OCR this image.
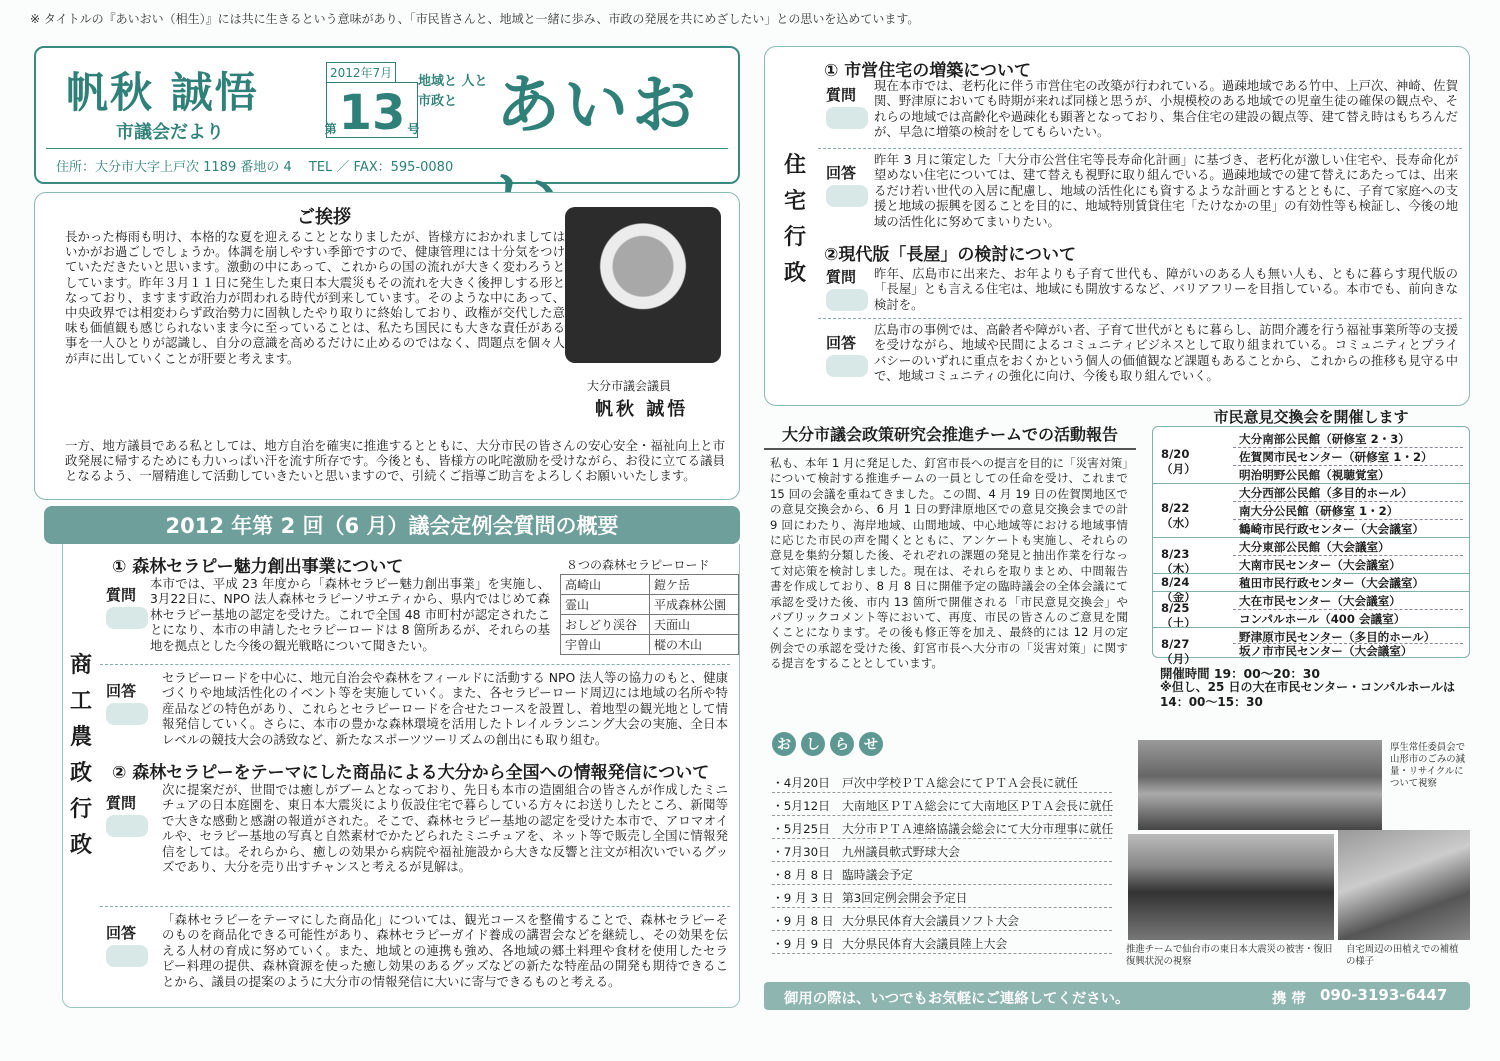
※ タイトルの『あいおい（相生）』には共に生きるという意味があり、「市民皆さんと、地域と一緒に歩み、市政の発展を共にめざしたい」との思いを込めています。
帆秋 誠悟
市議会だより
2012年7月
第 13 号
地域と 人と 市政と あいお
住所：大分市大字上戸次 1189 番地の 4　 TEL ／ FAX：595-0080
ご挨拶
長かった梅雨も明け、本格的な夏を迎えることとなりましたが、皆様方におかれましてはいかがお過ごしでしょうか。体調を崩しやすい季節ですので、健康管理には十分気をつけていただきたいと思います。激動の中にあって、これからの国の流れが大きく変わろうとしています。昨年３月１１日に発生した東日本大震災もその流れを大きく後押しする形となっており、ますます政治力が問われる時代が到来しています。そのような中にあって、中央政界では相変わらず政治勢力に固執したやり取りに終始しており、政権が交代した意味も価値観も感じられないまま今に至っていることは、私たち国民にも大きな責任がある事を一人ひとりが認識し、自分の意識を高めるだけに止めるのではなく、問題点を個々人が声に出していくことが肝要と考えます。
一方、地方議員である私としては、地方自治を確実に推進するとともに、大分市民の皆さんの安心安全・福祉向上と市政発展に帰するためにも力いっぱい汗を流す所存です。今後とも、皆様方の叱咤激励を受けながら、お役に立てる議員となるよう、一層精進して活動していきたいと思いますので、引続くご指導ご助言をよろしくお願いいたします。
大分市議会議員
帆秋 誠悟
2012 年第 2 回（6 月）議会定例会質問の概要
商工農政行政
① 森林セラピー魅力創出事業について
質問
本市では、平成 23 年度から「森林セラピー魅力創出事業」を実施し、3月22日に、NPO 法人森林セラピーソサエティから、県内ではじめて森林セラピー基地の認定を受けた。これで全国 48 市町村が認定されたことになり、本市の申請したセラピーロードは 8 箇所あるが、それらの基地を拠点とした今後の観光戦略について聞きたい。
８つの森林セラピーロード
高崎山	鎧ケ岳
霊山	平成森林公園
おしどり渓谷	天面山
宇曽山	樅の木山
回答
セラピーロードを中心に、地元自治会や森林をフィールドに活動する NPO 法人等の協力のもと、健康づくりや地域活性化のイベント等を実施していく。また、各セラピーロード周辺には地域の名所や特産品などの特色があり、これらとセラピーロードを合せたコースを設置し、着地型の観光地として情報発信していく。さらに、本市の豊かな森林環境を活用したトレイルランニング大会の実施、全日本レベルの競技大会の誘致など、新たなスポーツツーリズムの創出にも取り組む。
② 森林セラピーをテーマにした商品による大分から全国への情報発信について
質問
次に提案だが、世間では癒しがブームとなっており、先日も本市の造園組合の皆さんが作成したミニチュアの日本庭園を、東日本大震災により仮設住宅で暮らしている方々にお送りしたところ、新聞等で大きな感動と感謝の報道がされた。そこで、森林セラピー基地の認定を受けた本市で、アロマオイルや、セラピー基地の写真と自然素材でかたどられたミニチュアを、ネット等で販売し全国に情報発信をしては。それらから、癒しの効果から病院や福祉施設から大きな反響と注文が相次いでいるグッズであり、大分を売り出すチャンスと考えるが見解は。
回答
「森林セラピーをテーマにした商品化」については、観光コースを整備することで、森林セラピーそのものを商品化できる可能性があり、森林セラピーガイド養成の講習会などを継続し、その効果を伝える人材の育成に努めていく。また、地域との連携も強め、各地域の郷土料理や食材を使用したセラピー料理の提供、森林資源を使った癒し効果のあるグッズなどの新たな特産品の開発も期待できることから、議員の提案のように大分市の情報発信に大いに寄与できるものと考える。
住宅行政
① 市営住宅の増築について
質問
現在本市では、老朽化に伴う市営住宅の改築が行われている。過疎地域である竹中、上戸次、神崎、佐賀関、野津原においても時期が来れば同様と思うが、小規模校のある地域での児童生徒の確保の観点や、それらの地域では高齢化や過疎化も顕著となっており、集合住宅の建設の観点等、建て替え時はもちろんだが、早急に増築の検討をしてもらいたい。
回答
昨年 3 月に策定した「大分市公営住宅等長寿命化計画」に基づき、老朽化が激しい住宅や、長寿命化が望めない住宅については、建て替えも視野に取り組んでいる。過疎地域での建て替えにあたっては、出来るだけ若い世代の入居に配慮し、地域の活性化にも資するような計画とするとともに、子育て家庭への支援と地域の振興を図ることを目的に、地域特別賃貸住宅「たけなかの里」の有効性等も検証し、今後の地域の活性化に努めてまいりたい。
②現代版「長屋」の検討について
質問	昨年、広島市に出来た、お年よりも子育て世代も、障がいのある人も無い人も、ともに暮らす現代版の「長屋」とも言える住宅は、地域にも開放するなど、バリアフリーを目指している。本市でも、前向きな検討を。
回答
広島市の事例では、高齢者や障がい者、子育て世代がともに暮らし、訪問介護を行う福祉事業所等の支援を受けながら、地域や民間によるコミュニティビジネスとして取り組まれている。コミュニティとプライバシーのいずれに重点をおくかという個人の価値観など課題もあることから、これからの推移も見守る中で、地域コミュニティの強化に向け、今後も取り組んでいく。
大分市議会政策研究会推進チームでの活動報告
私も、本年 1 月に発足した、釘宮市長への提言を目的に「災害対策」について検討する推進チームの一員としての任命を受け、これまで 15 回の会議を重ねてきました。この間、4 月 19 日の佐賀関地区での意見交換会から、6 月 1 日の野津原地区での意見交換会までの計 9 回にわたり、海岸地域、山間地域、中心地域等における地域事情に応じた市民の声を聞くとともに、アンケートも実施し、それらの意見を集約分類した後、それぞれの課題の発見と抽出作業を行なって対応策を検討しました。現在は、それらを取りまとめ、中間報告書を作成しており、8 月 8 日に開催予定の臨時議会の全体会議にて承認を受けた後、市内 13 箇所で開催される「市民意見交換会」やパブリックコメント等において、再度、市民の皆さんのご意見を聞くことになります。その後も修正等を加え、最終的には 12 月の定例会での承認を受けた後、釘宮市長へ大分市の「災害対策」に関する提言をすることとしています。
市民意見交換会を開催します
8/20（月）
大分南部公民館（研修室 2・3）
佐賀関市民センター（研修室 1・2）
明治明野公民館（視聴覚室）
8/22（水）
大分西部公民館（多目的ホール）
南大分公民館（研修室 1・2）
鶴崎市民行政センター（大会議室）
8/23（木）
大分東部公民館（大会議室）
大南市民センター（大会議室）
8/24（金）
稙田市民行政センター（大会議室）
8/25（土）
大在市民センター（大会議室）
コンパルホール（400 会議室）
8/27（月）
野津原市民センター（多目的ホール）
坂ノ市市民センター（大会議室）
開催時間 19：00～20：30
※但し、25 日の大在市民センター・コンパルホールは 14：00～15：30
お	し	ら	せ
・4月20日	戸次中学校ＰＴＡ総会にてＰＴＡ会長に就任
・5月12日	大南地区ＰＴＡ総会にて大南地区ＰＴＡ会長に就任
・5月25日	大分市ＰＴＡ連絡協議会総会にて大分市理事に就任
・7月30日	九州議員軟式野球大会
・8 月 8 日 臨時議会予定
・9 月 3 日 第3回定例会開会予定日
・9 月 8 日 大分県民体育大会議員ソフト大会
・9 月 9 日 大分県民体育大会議員陸上大会
厚生常任委員会で山形市のごみの減量・リサイクルについて視察
推進チームで仙台市の東日本大震災の被害・復旧復興状況の視察
自宅周辺の田植えでの補植の様子
御用の際は、いつでもお気軽にご連絡してください。	携 帯 090-3193-6447
